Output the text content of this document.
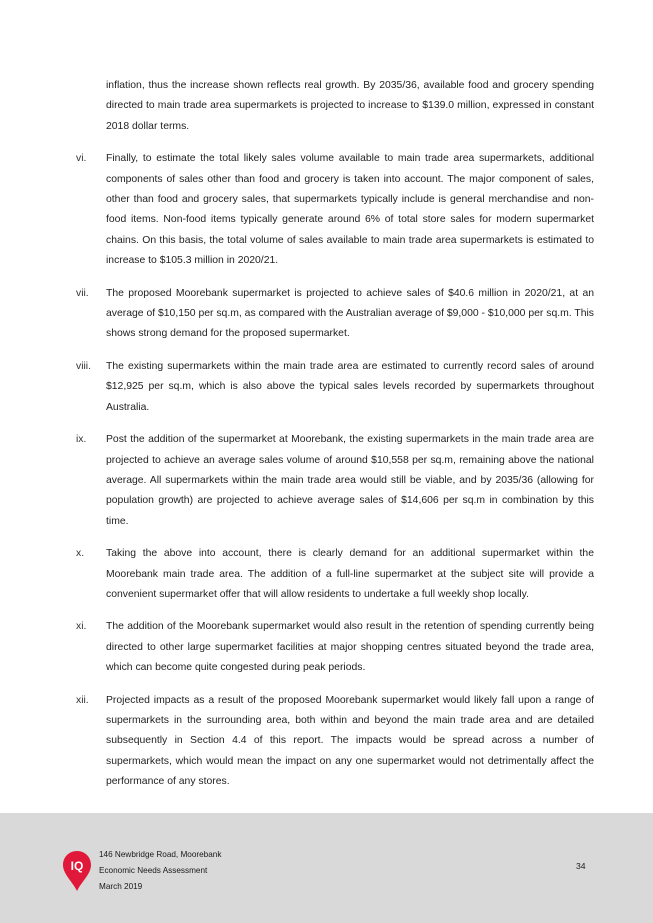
inflation, thus the increase shown reflects real growth. By 2035/36, available food and grocery spending directed to main trade area supermarkets is projected to increase to $139.0 million, expressed in constant 2018 dollar terms.
vi. Finally, to estimate the total likely sales volume available to main trade area supermarkets, additional components of sales other than food and grocery is taken into account. The major component of sales, other than food and grocery sales, that supermarkets typically include is general merchandise and non-food items. Non-food items typically generate around 6% of total store sales for modern supermarket chains. On this basis, the total volume of sales available to main trade area supermarkets is estimated to increase to $105.3 million in 2020/21.
vii. The proposed Moorebank supermarket is projected to achieve sales of $40.6 million in 2020/21, at an average of $10,150 per sq.m, as compared with the Australian average of $9,000 - $10,000 per sq.m. This shows strong demand for the proposed supermarket.
viii. The existing supermarkets within the main trade area are estimated to currently record sales of around $12,925 per sq.m, which is also above the typical sales levels recorded by supermarkets throughout Australia.
ix. Post the addition of the supermarket at Moorebank, the existing supermarkets in the main trade area are projected to achieve an average sales volume of around $10,558 per sq.m, remaining above the national average. All supermarkets within the main trade area would still be viable, and by 2035/36 (allowing for population growth) are projected to achieve average sales of $14,606 per sq.m in combination by this time.
x. Taking the above into account, there is clearly demand for an additional supermarket within the Moorebank main trade area. The addition of a full-line supermarket at the subject site will provide a convenient supermarket offer that will allow residents to undertake a full weekly shop locally.
xi. The addition of the Moorebank supermarket would also result in the retention of spending currently being directed to other large supermarket facilities at major shopping centres situated beyond the trade area, which can become quite congested during peak periods.
xii. Projected impacts as a result of the proposed Moorebank supermarket would likely fall upon a range of supermarkets in the surrounding area, both within and beyond the main trade area and are detailed subsequently in Section 4.4 of this report. The impacts would be spread across a number of supermarkets, which would mean the impact on any one supermarket would not detrimentally affect the performance of any stores.
IQ
146 Newbridge Road, Moorebank
Economic Needs Assessment
March 2019
34
